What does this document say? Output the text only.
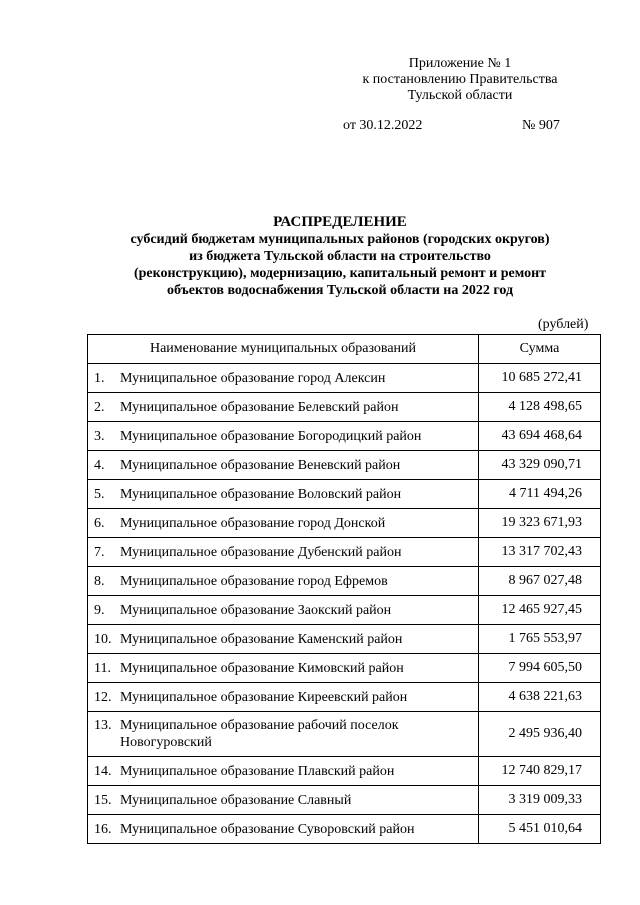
Приложение № 1
к постановлению Правительства
Тульской области
от 30.12.2022	№ 907
РАСПРЕДЕЛЕНИЕ
субсидий бюджетам муниципальных районов (городских округов)
из бюджета Тульской области на строительство
(реконструкцию), модернизацию, капитальный ремонт и ремонт
объектов водоснабжения Тульской области на 2022 год
(рублей)
Наименование муниципальных образований	Сумма
1. Муниципальное образование город Алексин	10 685 272,41
2. Муниципальное образование Белевский район	4 128 498,65
3. Муниципальное образование Богородицкий район	43 694 468,64
4. Муниципальное образование Веневский район	43 329 090,71
5. Муниципальное образование Воловский район	4 711 494,26
6. Муниципальное образование город Донской	19 323 671,93
7. Муниципальное образование Дубенский район	13 317 702,43
8. Муниципальное образование город Ефремов	8 967 027,48
9. Муниципальное образование Заокский район	12 465 927,45
10. Муниципальное образование Каменский район	1 765 553,97
11. Муниципальное образование Кимовский район	7 994 605,50
12. Муниципальное образование Киреевский район	4 638 221,63
13. Муниципальное образование рабочий поселок Новогуровский	2 495 936,40
14. Муниципальное образование Плавский район	12 740 829,17
15. Муниципальное образование Славный	3 319 009,33
16. Муниципальное образование Суворовский район	5 451 010,64
